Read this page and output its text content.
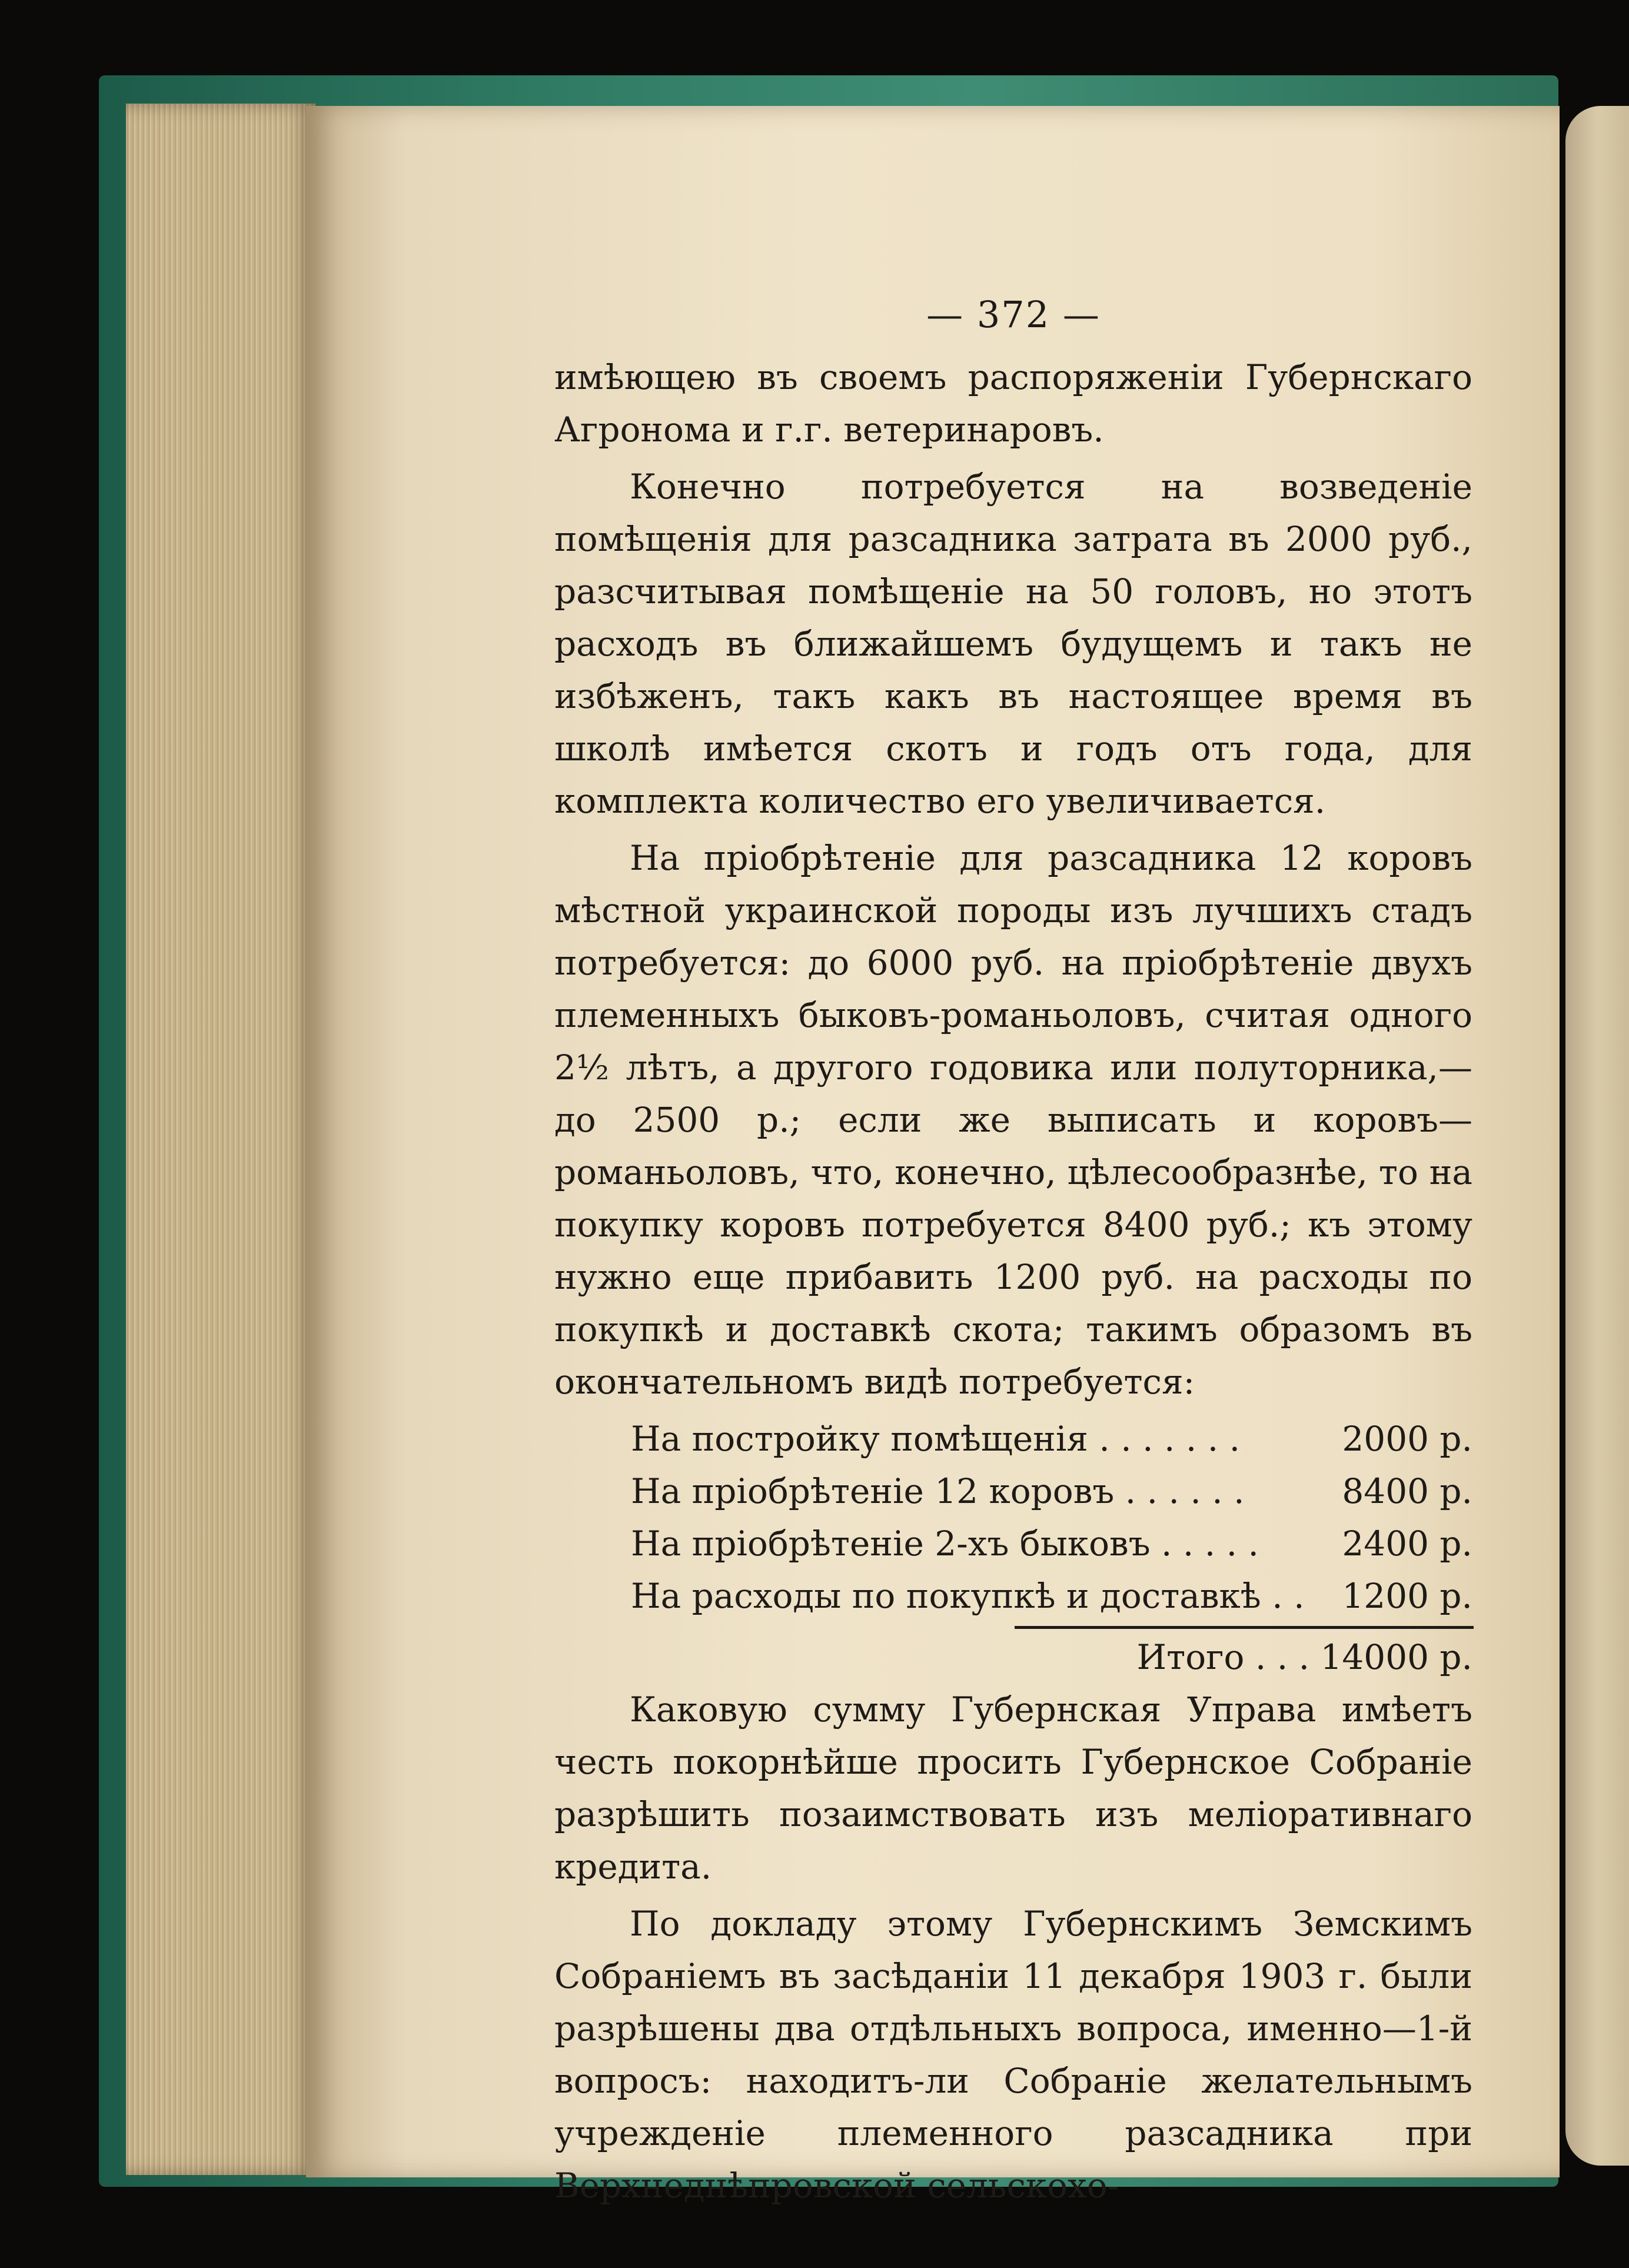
— 372 —

имѣющею въ своемъ распоряженіи Губернскаго Агронома и г.г. ветеринаровъ.

Конечно потребуется на возведеніе помѣщенія для разсадника затрата въ 2000 руб., разсчитывая помѣщеніе на 50 головъ, но этотъ расходъ въ ближайшемъ будущемъ и такъ не избѣженъ, такъ какъ въ настоящее время въ школѣ имѣется скотъ и годъ отъ года, для комплекта количество его увеличивается.

На пріобрѣтеніе для разсадника 12 коровъ мѣстной украинской породы изъ лучшихъ стадъ потребуется: до 6000 руб. на пріобрѣтеніе двухъ племенныхъ быковъ-романьоловъ, считая одного 2½ лѣтъ, а другого годовика или полуторника,—до 2500 р.; если же выписать и коровъ—романьоловъ, что, конечно, цѣлесообразнѣе, то на покупку коровъ потребуется 8400 руб.; къ этому нужно еще прибавить 1200 руб. на расходы по покупкѣ и доставкѣ скота; такимъ образомъ въ окончательномъ видѣ потребуется:

На постройку помѣщенія . . . . . . .	2000 р.
На пріобрѣтеніе 12 коровъ . . . . . .	8400 р.
На пріобрѣтеніе 2-хъ быковъ . . . . . 2400 р.
На расходы по покупкѣ и доставкѣ . . 1200 р.
Итого . . . 14000 р.

Каковую сумму Губернская Управа имѣетъ честь покорнѣйше просить Губернское Собраніе разрѣшить позаимствовать изъ меліоративнаго кредита.

По докладу этому Губернскимъ Земскимъ Собраніемъ въ засѣданіи 11 декабря 1903 г. были разрѣшены два отдѣльныхъ вопроса, именно—1-й вопросъ: находитъ-ли Собраніе желательнымъ учрежденіе племенного разсадника при Верхнеднѣпровской сельскохо-
